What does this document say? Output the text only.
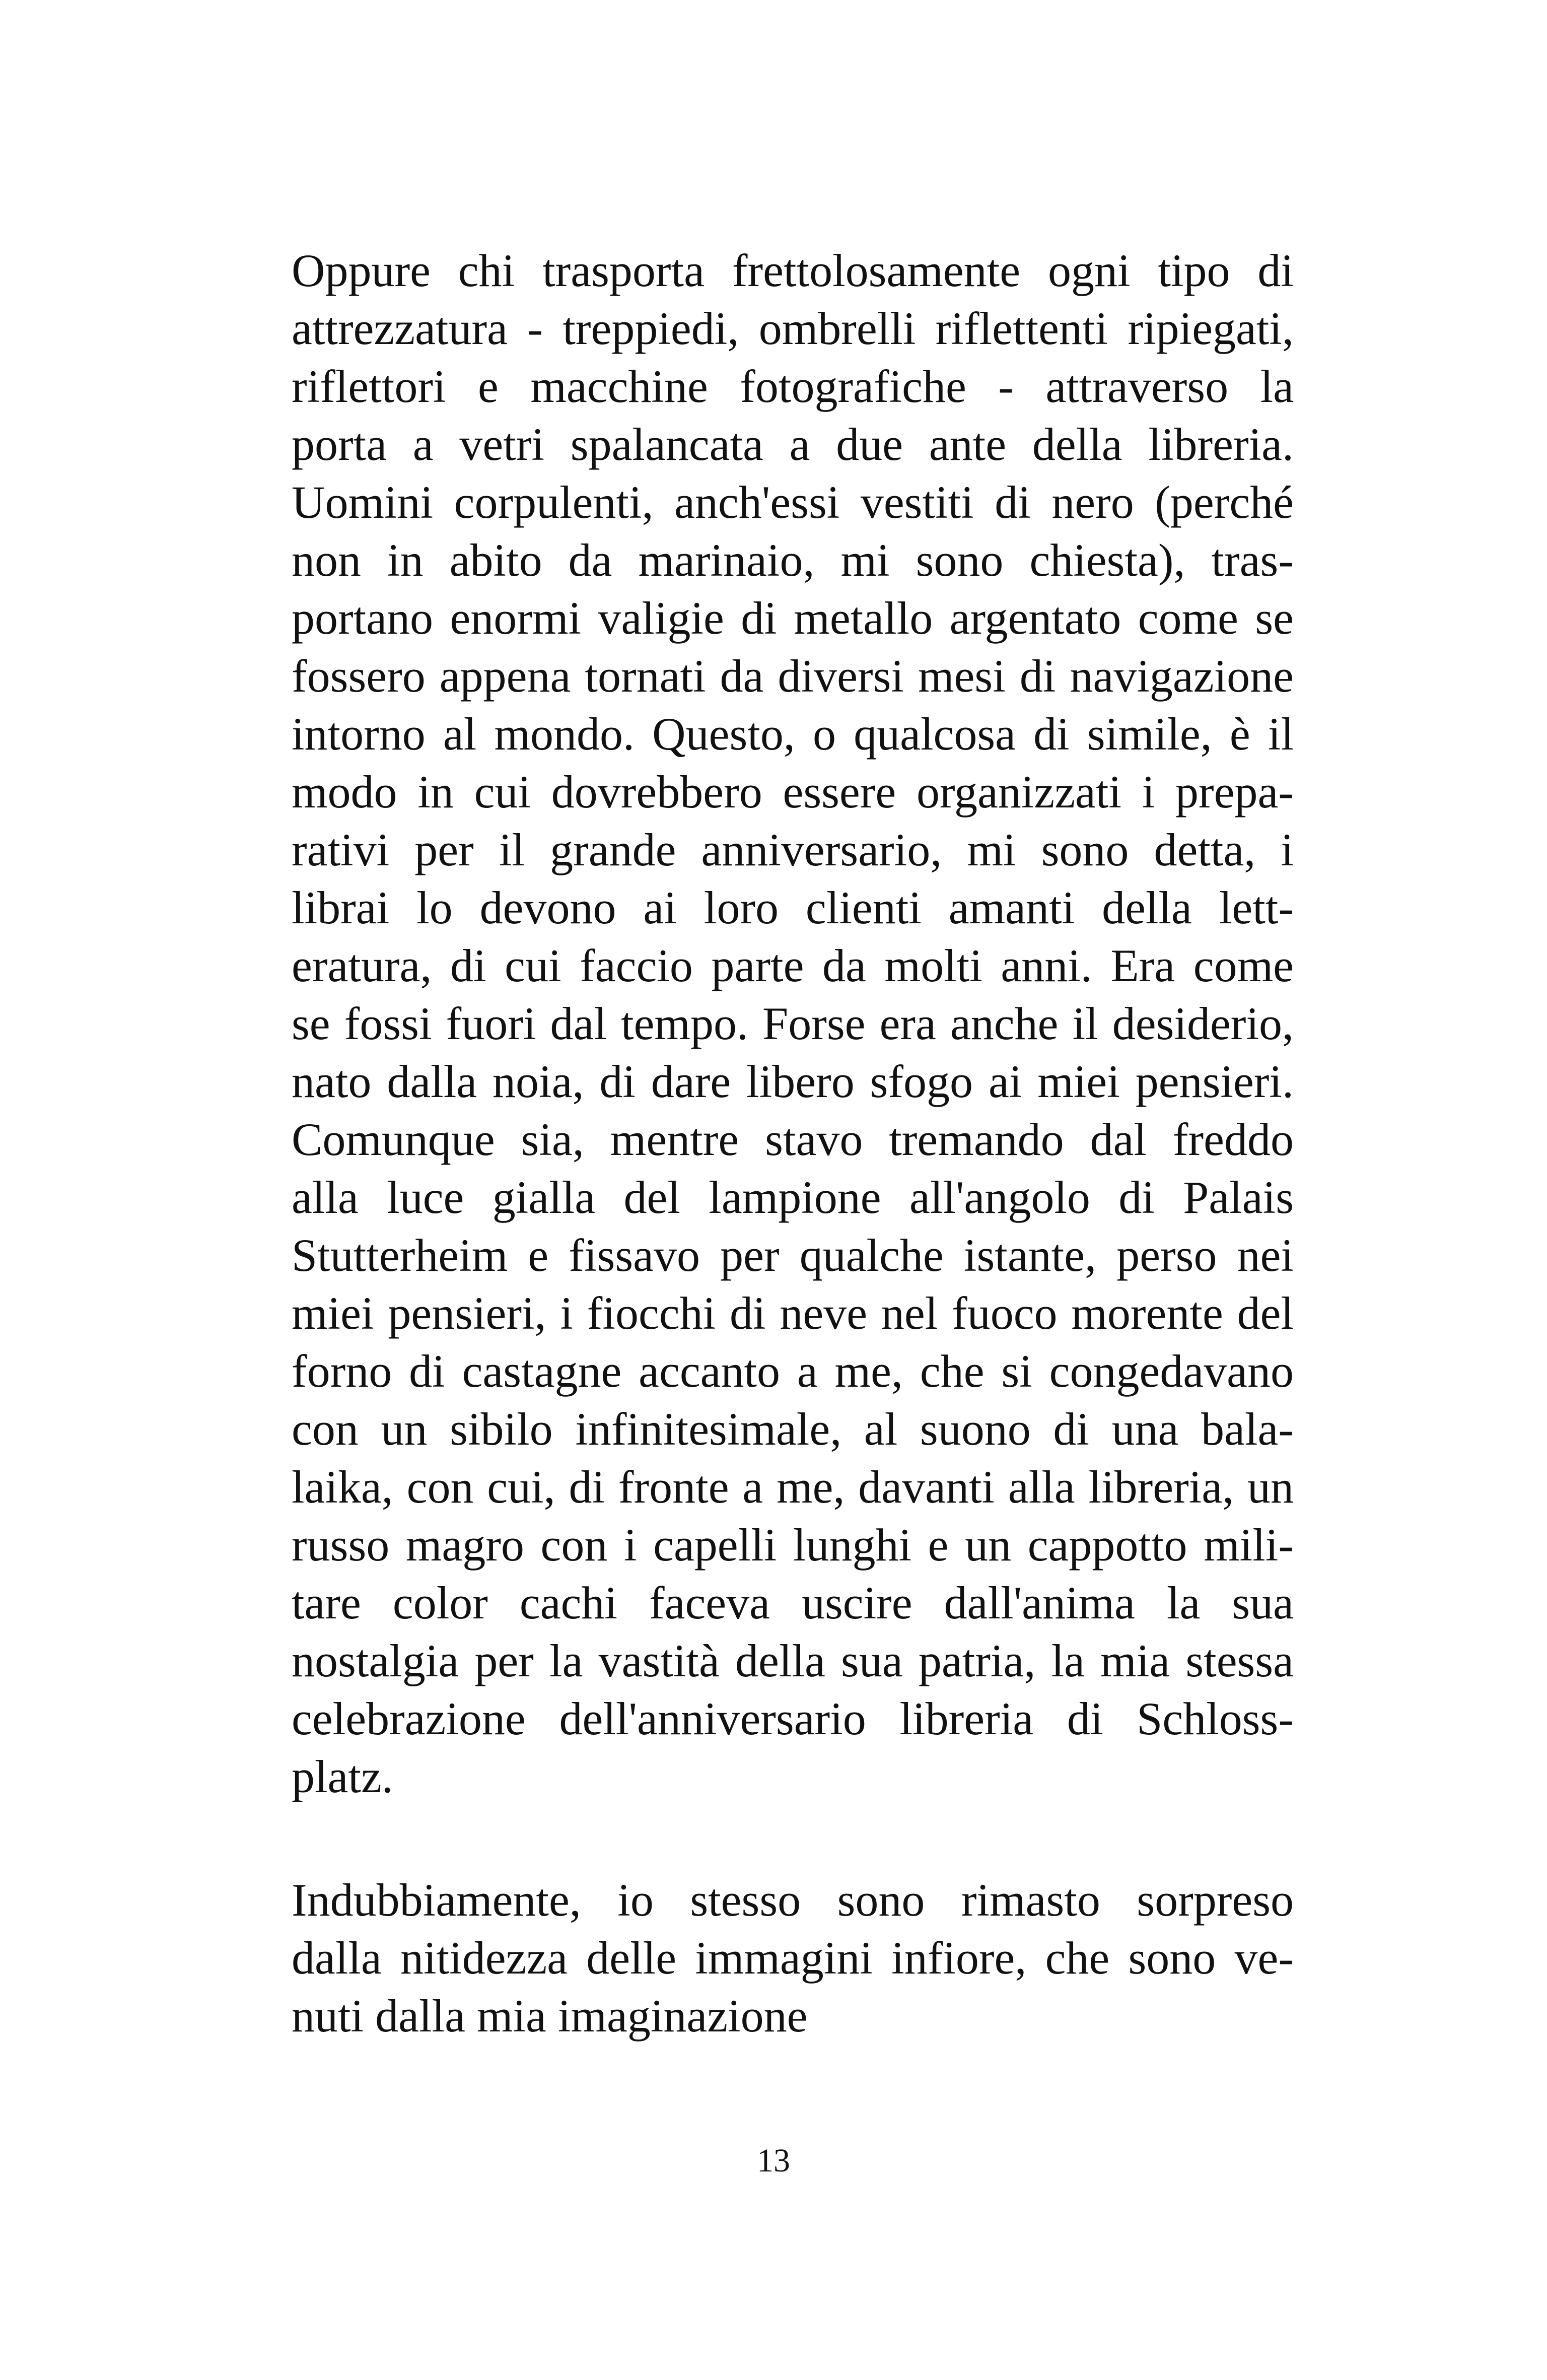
Oppure chi trasporta frettolosamente ogni tipo di
attrezzatura - treppiedi, ombrelli riflettenti ripiegati,
riflettori e macchine fotografiche - attraverso la
porta a vetri spalancata a due ante della libreria.
Uomini corpulenti, anch'essi vestiti di nero (perché
non in abito da marinaio, mi sono chiesta), tras-
portano enormi valigie di metallo argentato come se
fossero appena tornati da diversi mesi di navigazione
intorno al mondo. Questo, o qualcosa di simile, è il
modo in cui dovrebbero essere organizzati i prepa-
rativi per il grande anniversario, mi sono detta, i
librai lo devono ai loro clienti amanti della lett-
eratura, di cui faccio parte da molti anni. Era come
se fossi fuori dal tempo. Forse era anche il desiderio,
nato dalla noia, di dare libero sfogo ai miei pensieri.
Comunque sia, mentre stavo tremando dal freddo
alla luce gialla del lampione all'angolo di Palais
Stutterheim e fissavo per qualche istante, perso nei
miei pensieri, i fiocchi di neve nel fuoco morente del
forno di castagne accanto a me, che si congedavano
con un sibilo infinitesimale, al suono di una bala-
laika, con cui, di fronte a me, davanti alla libreria, un
russo magro con i capelli lunghi e un cappotto mili-
tare color cachi faceva uscire dall'anima la sua
nostalgia per la vastità della sua patria, la mia stessa
celebrazione dell'anniversario libreria di Schloss-
platz.
Indubbiamente, io stesso sono rimasto sorpreso
dalla nitidezza delle immagini infiore, che sono ve-
nuti dalla mia imaginazione
13
